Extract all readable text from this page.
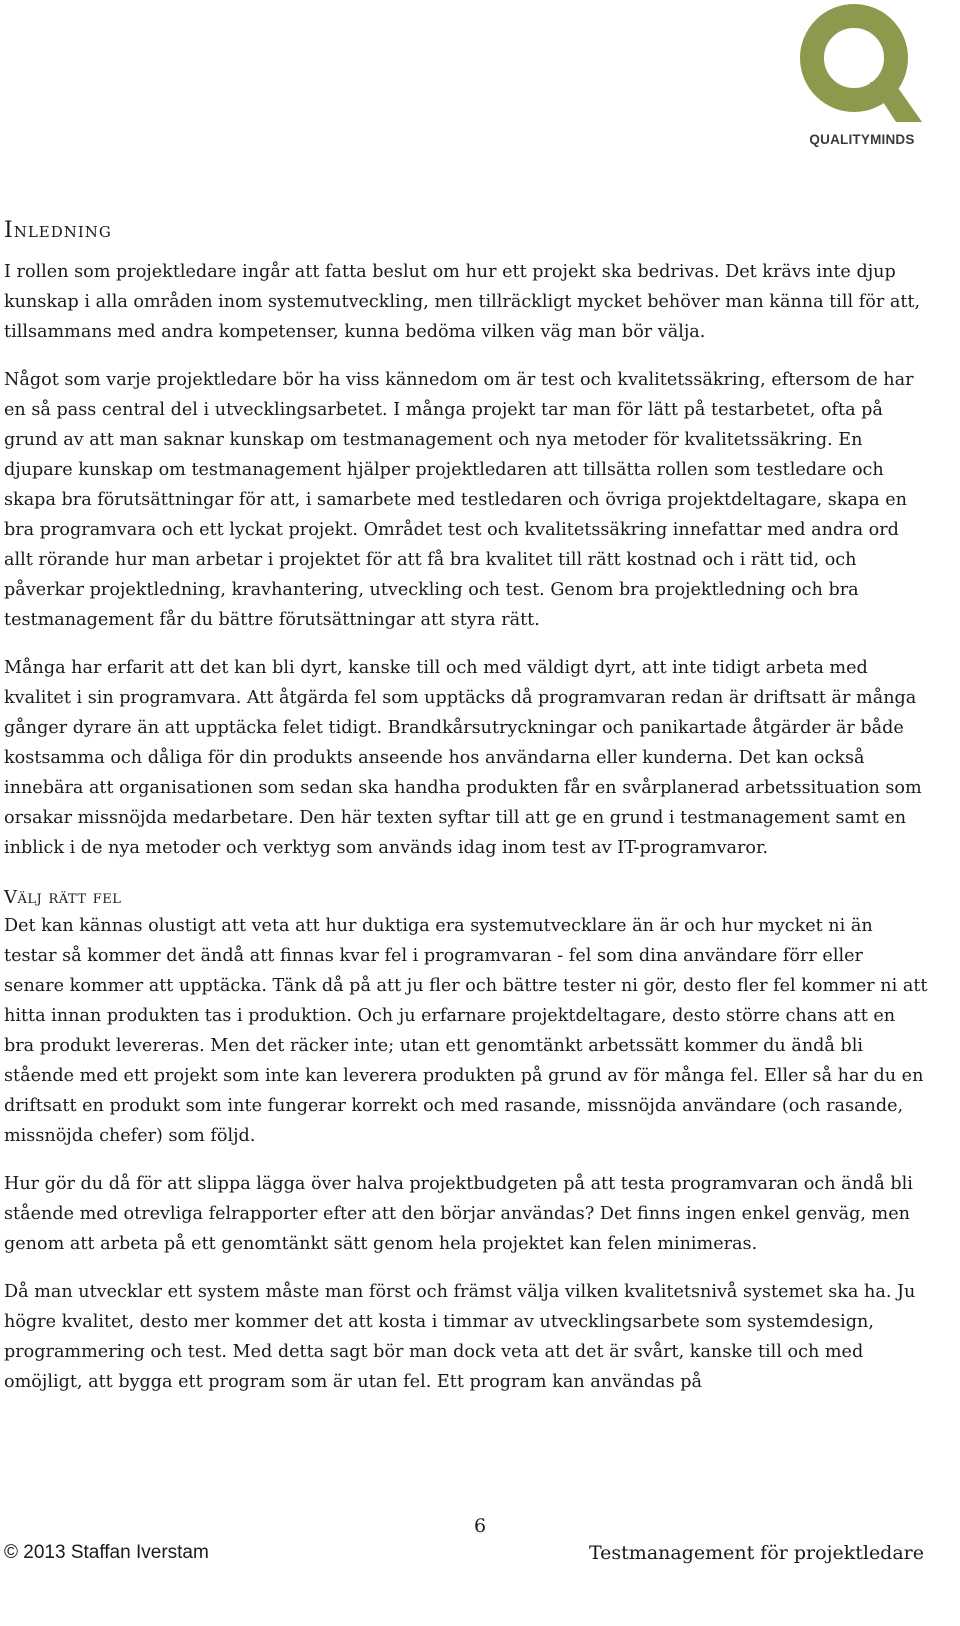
QUALITYMINDS
Inledning

I rollen som projektledare ingår att fatta beslut om hur ett projekt ska bedrivas. Det krävs inte djup kunskap i alla områden inom systemutveckling, men tillräckligt mycket behöver man känna till för att, tillsammans med andra kompetenser, kunna bedöma vilken väg man bör välja.

Något som varje projektledare bör ha viss kännedom om är test och kvalitetssäkring, eftersom de har en så pass central del i utvecklingsarbetet. I många projekt tar man för lätt på testarbetet, ofta på grund av att man saknar kunskap om testmanagement och nya metoder för kvalitetssäkring. En djupare kunskap om testmanagement hjälper projektledaren att tillsätta rollen som testledare och skapa bra förutsättningar för att, i samarbete med testledaren och övriga projektdeltagare, skapa en bra programvara och ett lyckat projekt. Området test och kvalitetssäkring innefattar med andra ord allt rörande hur man arbetar i projektet för att få bra kvalitet till rätt kostnad och i rätt tid, och påverkar projektledning, kravhantering, utveckling och test. Genom bra projektledning och bra testmanagement får du bättre förutsättningar att styra rätt.

Många har erfarit att det kan bli dyrt, kanske till och med väldigt dyrt, att inte tidigt arbeta med kvalitet i sin programvara. Att åtgärda fel som upptäcks då programvaran redan är driftsatt är många gånger dyrare än att upptäcka felet tidigt. Brandkårsutryckningar och panikartade åtgärder är både kostsamma och dåliga för din produkts anseende hos användarna eller kunderna. Det kan också innebära att organisationen som sedan ska handha produkten får en svårplanerad arbetssituation som orsakar missnöjda medarbetare. Den här texten syftar till att ge en grund i testmanagement samt en inblick i de nya metoder och verktyg som används idag inom test av IT-programvaror.

Välj rätt fel

Det kan kännas olustigt att veta att hur duktiga era systemutvecklare än är och hur mycket ni än testar så kommer det ändå att finnas kvar fel i programvaran - fel som dina användare förr eller senare kommer att upptäcka. Tänk då på att ju fler och bättre tester ni gör, desto fler fel kommer ni att hitta innan produkten tas i produktion. Och ju erfarnare projektdeltagare, desto större chans att en bra produkt levereras. Men det räcker inte; utan ett genomtänkt arbetssätt kommer du ändå bli stående med ett projekt som inte kan leverera produkten på grund av för många fel. Eller så har du en driftsatt en produkt som inte fungerar korrekt och med rasande, missnöjda användare (och rasande, missnöjda chefer) som följd.

Hur gör du då för att slippa lägga över halva projektbudgeten på att testa programvaran och ändå bli stående med otrevliga felrapporter efter att den börjar användas? Det finns ingen enkel genväg, men genom att arbeta på ett genomtänkt sätt genom hela projektet kan felen minimeras.

Då man utvecklar ett system måste man först och främst välja vilken kvalitetsnivå systemet ska ha. Ju högre kvalitet, desto mer kommer det att kosta i timmar av utvecklingsarbete som systemdesign, programmering och test. Med detta sagt bör man dock veta att det är svårt, kanske till och med omöjligt, att bygga ett program som är utan fel. Ett program kan användas på

6
© 2013 Staffan Iverstam	Testmanagement för projektledare
